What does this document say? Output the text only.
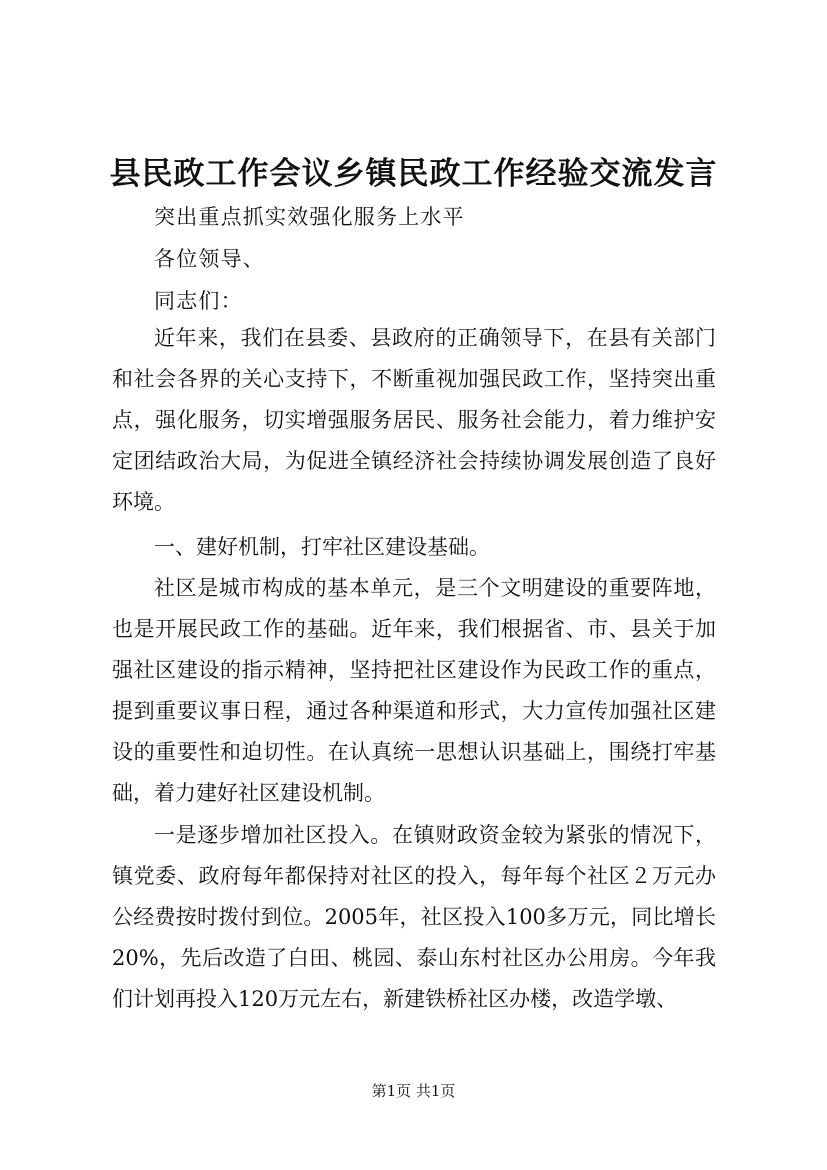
县民政工作会议乡镇民政工作经验交流发言
突出重点抓实效强化服务上水平
各位领导、
同志们：

近年来，我们在县委、县政府的正确领导下，在县有关部门和社会各界的关心支持下，不断重视加强民政工作，坚持突出重点，强化服务，切实增强服务居民、服务社会能力，着力维护安定团结政治大局，为促进全镇经济社会持续协调发展创造了良好环境。

一、建好机制，打牢社区建设基础。

社区是城市构成的基本单元，是三个文明建设的重要阵地，也是开展民政工作的基础。近年来，我们根据省、市、县关于加强社区建设的指示精神，坚持把社区建设作为民政工作的重点，提到重要议事日程，通过各种渠道和形式，大力宣传加强社区建设的重要性和迫切性。在认真统一思想认识基础上，围绕打牢基础，着力建好社区建设机制。

一是逐步增加社区投入。在镇财政资金较为紧张的情况下，镇党委、政府每年都保持对社区的投入，每年每个社区２万元办公经费按时拨付到位。2005年，社区投入100多万元，同比增长20%，先后改造了白田、桃园、泰山东村社区办公用房。今年我们计划再投入120万元左右，新建铁桥社区办楼，改造学墩、

第1页 共1页
